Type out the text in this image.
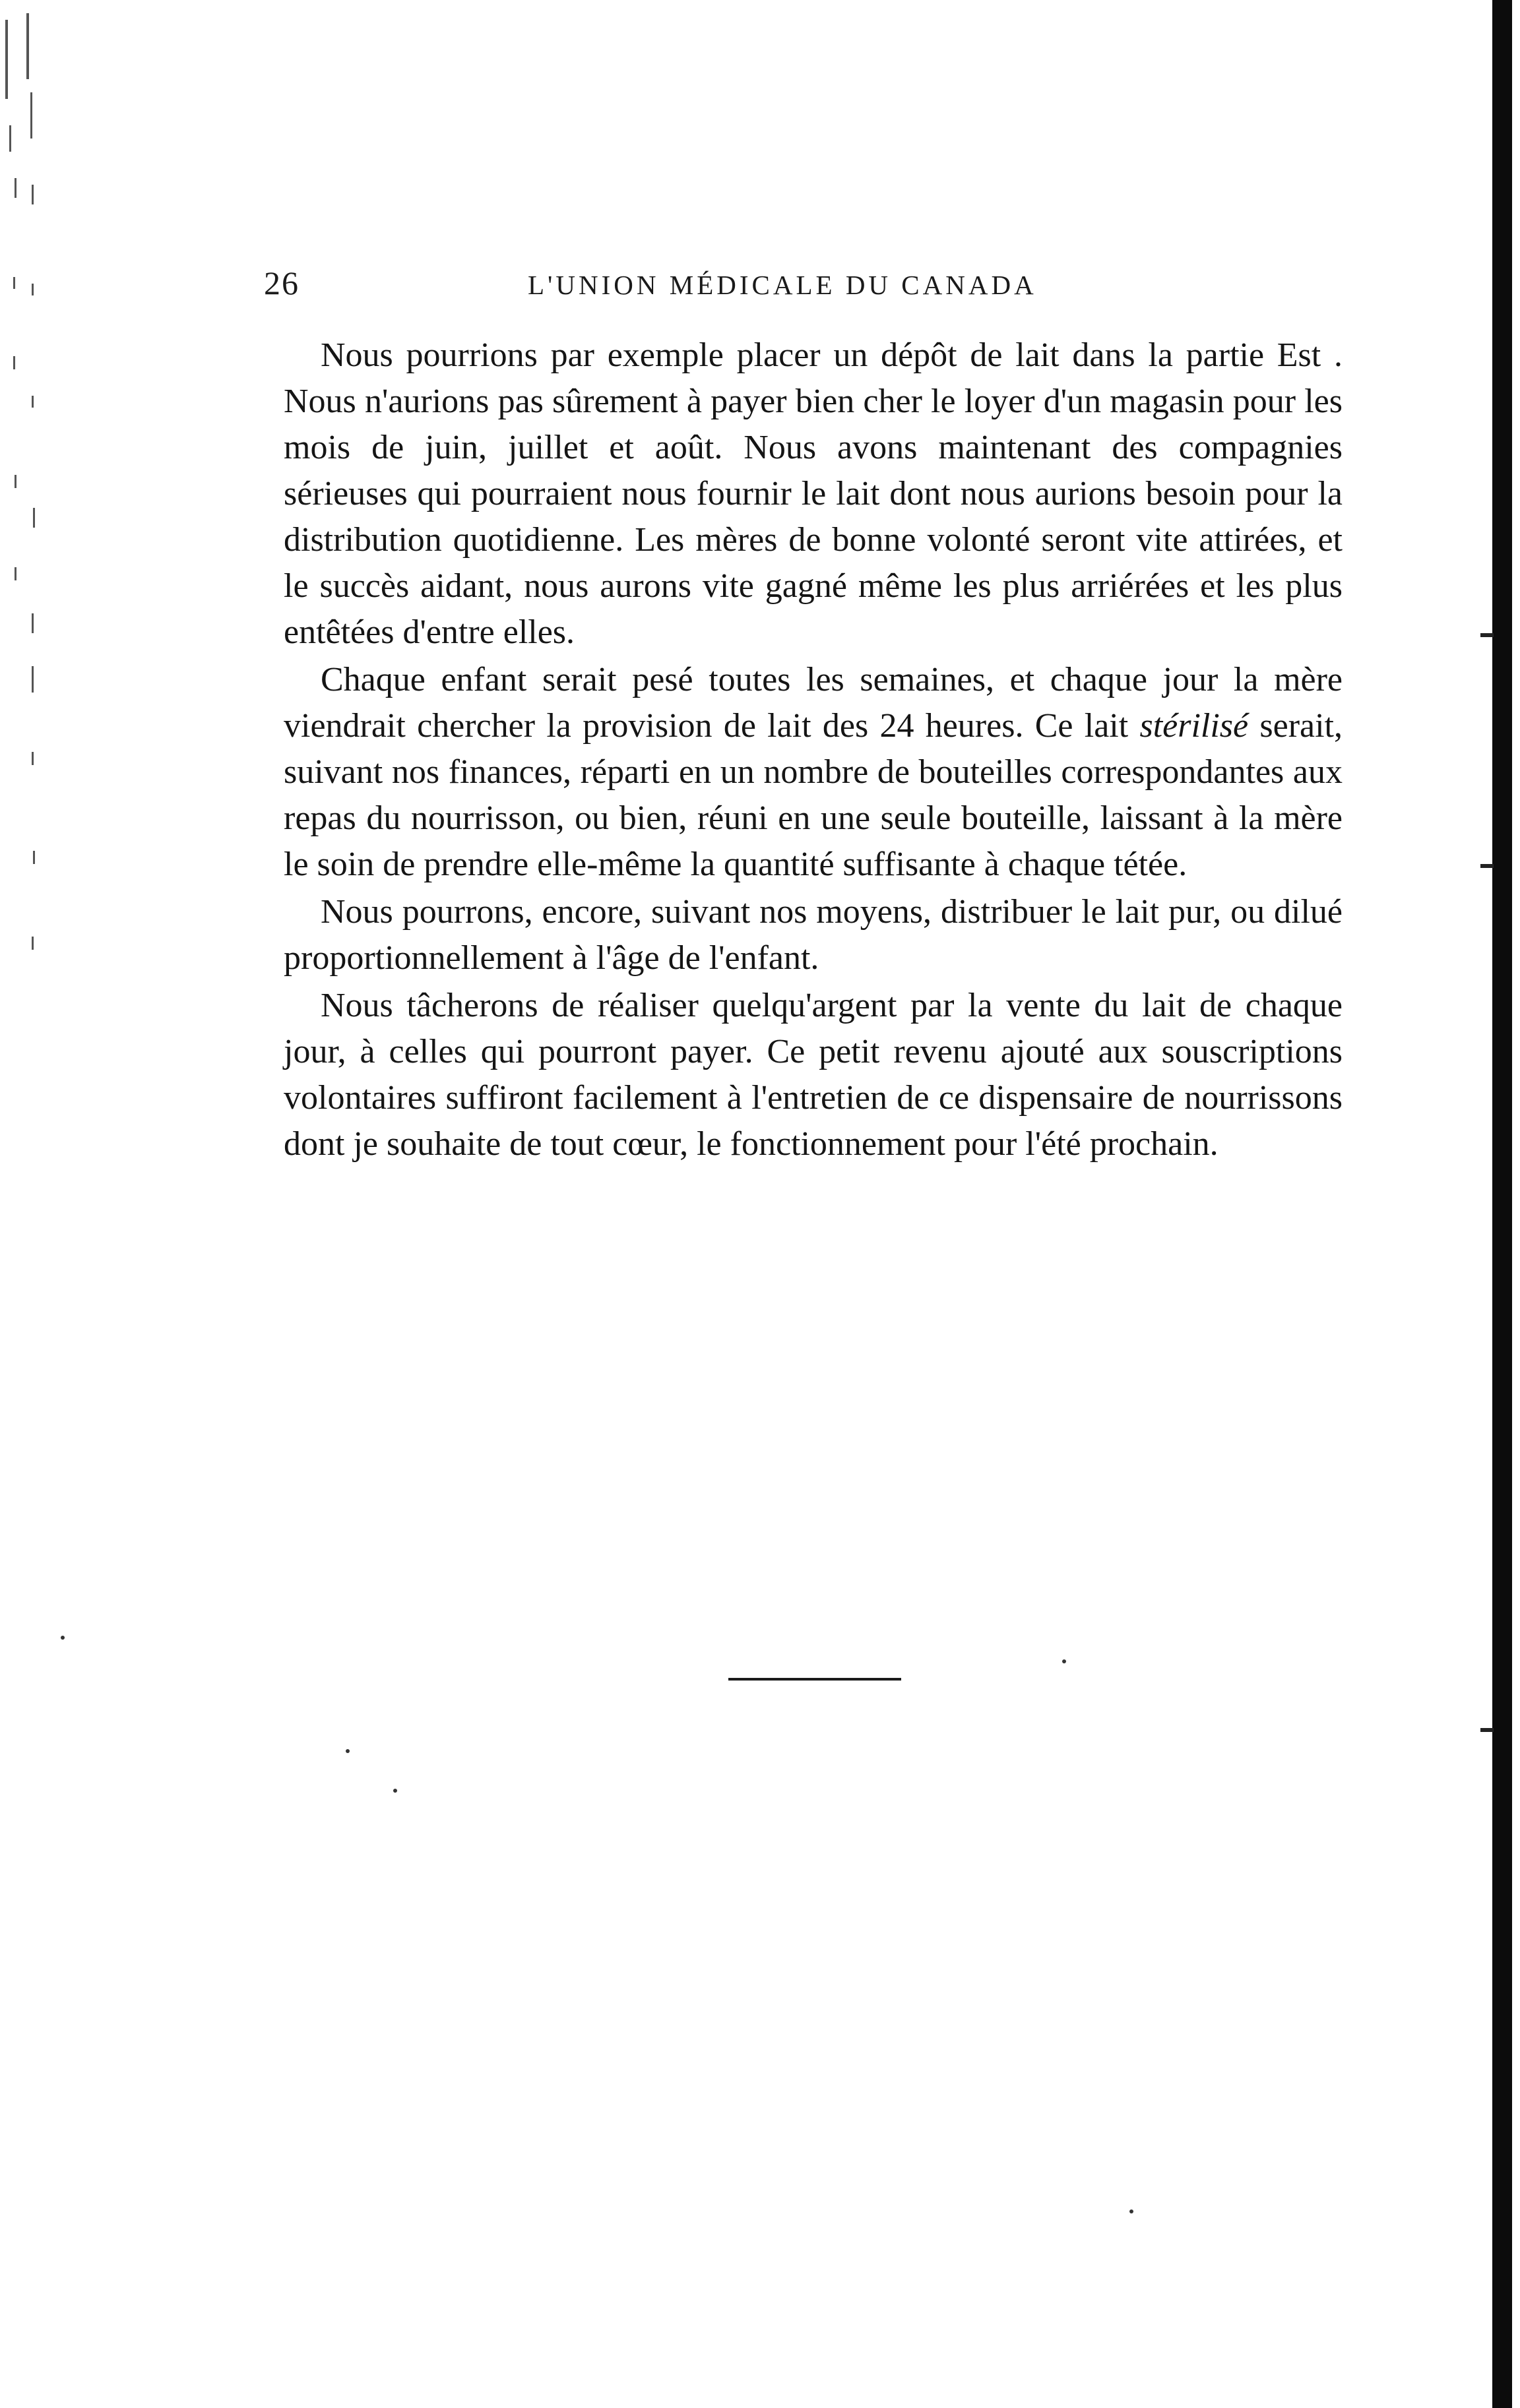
26	L'UNION MÉDICALE DU CANADA

Nous pourrions par exemple placer un dépôt de lait dans la partie Est . Nous n'aurions pas sûrement à payer bien cher le loyer d'un magasin pour les mois de juin, juillet et août. Nous avons maintenant des compagnies sérieuses qui pourraient nous fournir le lait dont nous aurions besoin pour la distribution quotidienne. Les mères de bonne volonté seront vite attirées, et le succès aidant, nous aurons vite gagné même les plus arriérées et les plus entêtées d'entre elles.

Chaque enfant serait pesé toutes les semaines, et chaque jour la mère viendrait chercher la provision de lait des 24 heures. Ce lait stérilisé serait, suivant nos finances, réparti en un nombre de bouteilles correspondantes aux repas du nourrisson, ou bien, réuni en une seule bouteille, laissant à la mère le soin de prendre elle-même la quantité suffisante à chaque tétée.

Nous pourrons, encore, suivant nos moyens, distribuer le lait pur, ou dilué proportionnellement à l'âge de l'enfant.

Nous tâcherons de réaliser quelqu'argent par la vente du lait de chaque jour, à celles qui pourront payer. Ce petit revenu ajouté aux souscriptions volontaires suffiront facilement à l'entretien de ce dispensaire de nourrissons dont je souhaite de tout cœur, le fonctionnement pour l'été prochain.
